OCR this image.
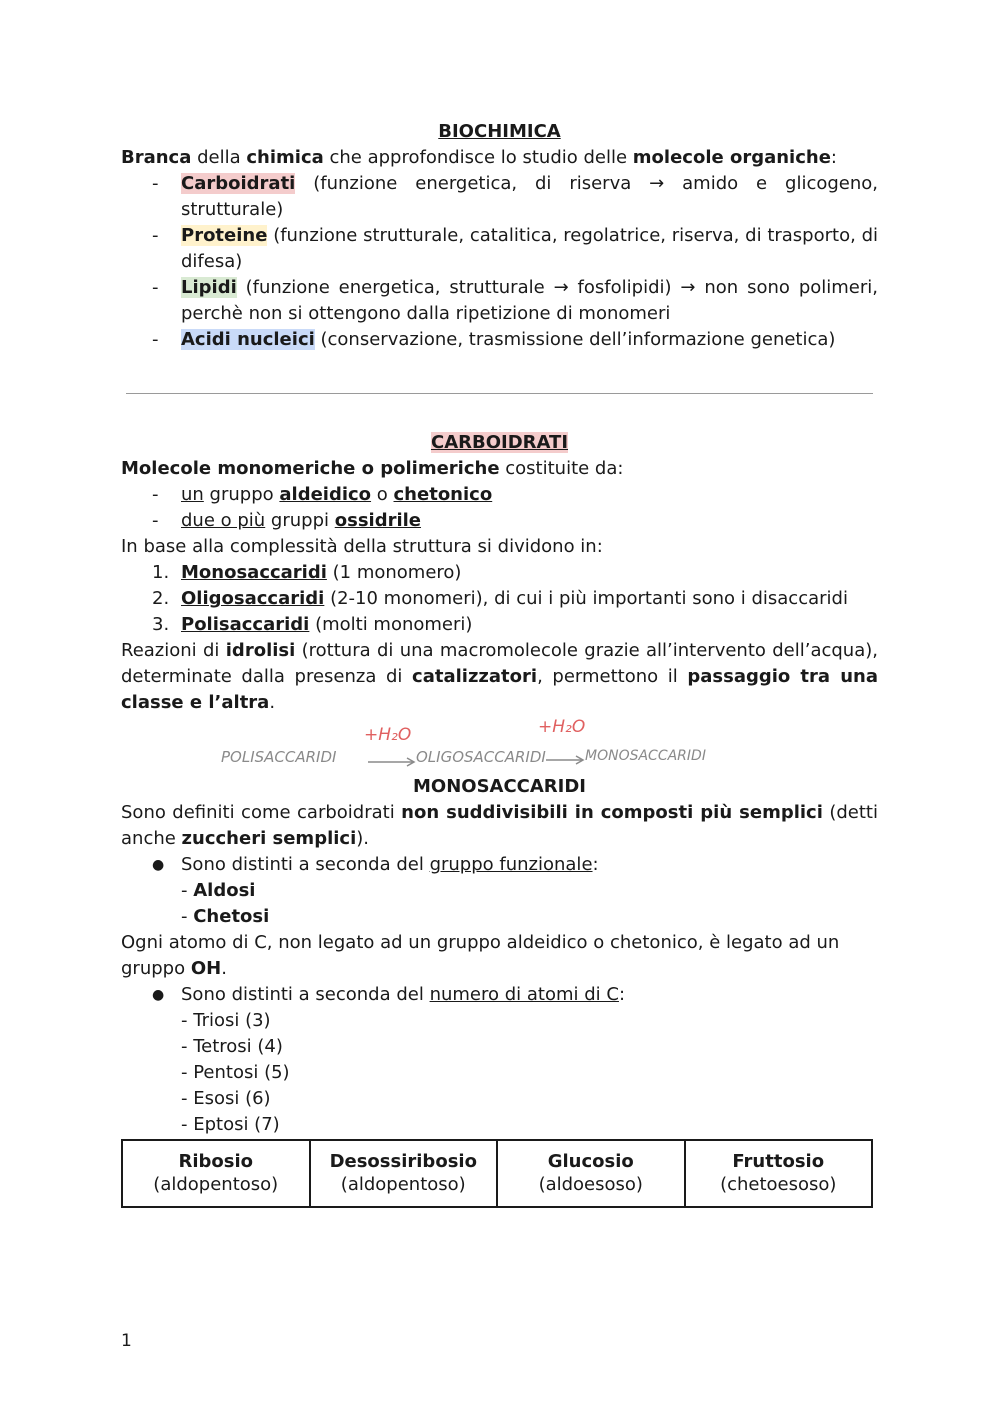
BIOCHIMICA

Branca della chimica che approfondisce lo studio delle molecole organiche:

- Carboidrati (funzione energetica, di riserva → amido e glicogeno, strutturale)
- Proteine (funzione strutturale, catalitica, regolatrice, riserva, di trasporto, di difesa)
- Lipidi (funzione energetica, strutturale → fosfolipidi) → non sono polimeri, perchè non si ottengono dalla ripetizione di monomeri
- Acidi nucleici (conservazione, trasmissione dell’informazione genetica)

CARBOIDRATI

Molecole monomeriche o polimeriche costituite da:

- un gruppo aldeidico o chetonico
- due o più gruppi ossidrile

In base alla complessità della struttura si dividono in:

1. Monosaccaridi (1 monomero)
2. Oligosaccaridi (2-10 monomeri), di cui i più importanti sono i disaccaridi
3. Polisaccaridi (molti monomeri)

Reazioni di idrolisi (rottura di una macromolecole grazie all’intervento dell’acqua), determinate dalla presenza di catalizzatori, permettono il passaggio tra una classe e l’altra.

POLISACCARIDI
+H₂O
OLIGOSACCARIDI
+H₂O
MONOSACCARIDI

MONOSACCARIDI

Sono definiti come carboidrati non suddivisibili in composti più semplici (detti anche zuccheri semplici).

● Sono distinti a seconda del gruppo funzionale:

- Aldosi

- Chetosi

Ogni atomo di C, non legato ad un gruppo aldeidico o chetonico, è legato ad un gruppo OH.

● Sono distinti a seconda del numero di atomi di C:

- Triosi (3)

- Tetrosi (4)

- Pentosi (5)

- Esosi (6)

- Eptosi (7)

Ribosio
(aldopentoso)	Desossiribosio
(aldopentoso)	Glucosio
(aldoesoso)	Fruttosio
(chetoesoso)
1
